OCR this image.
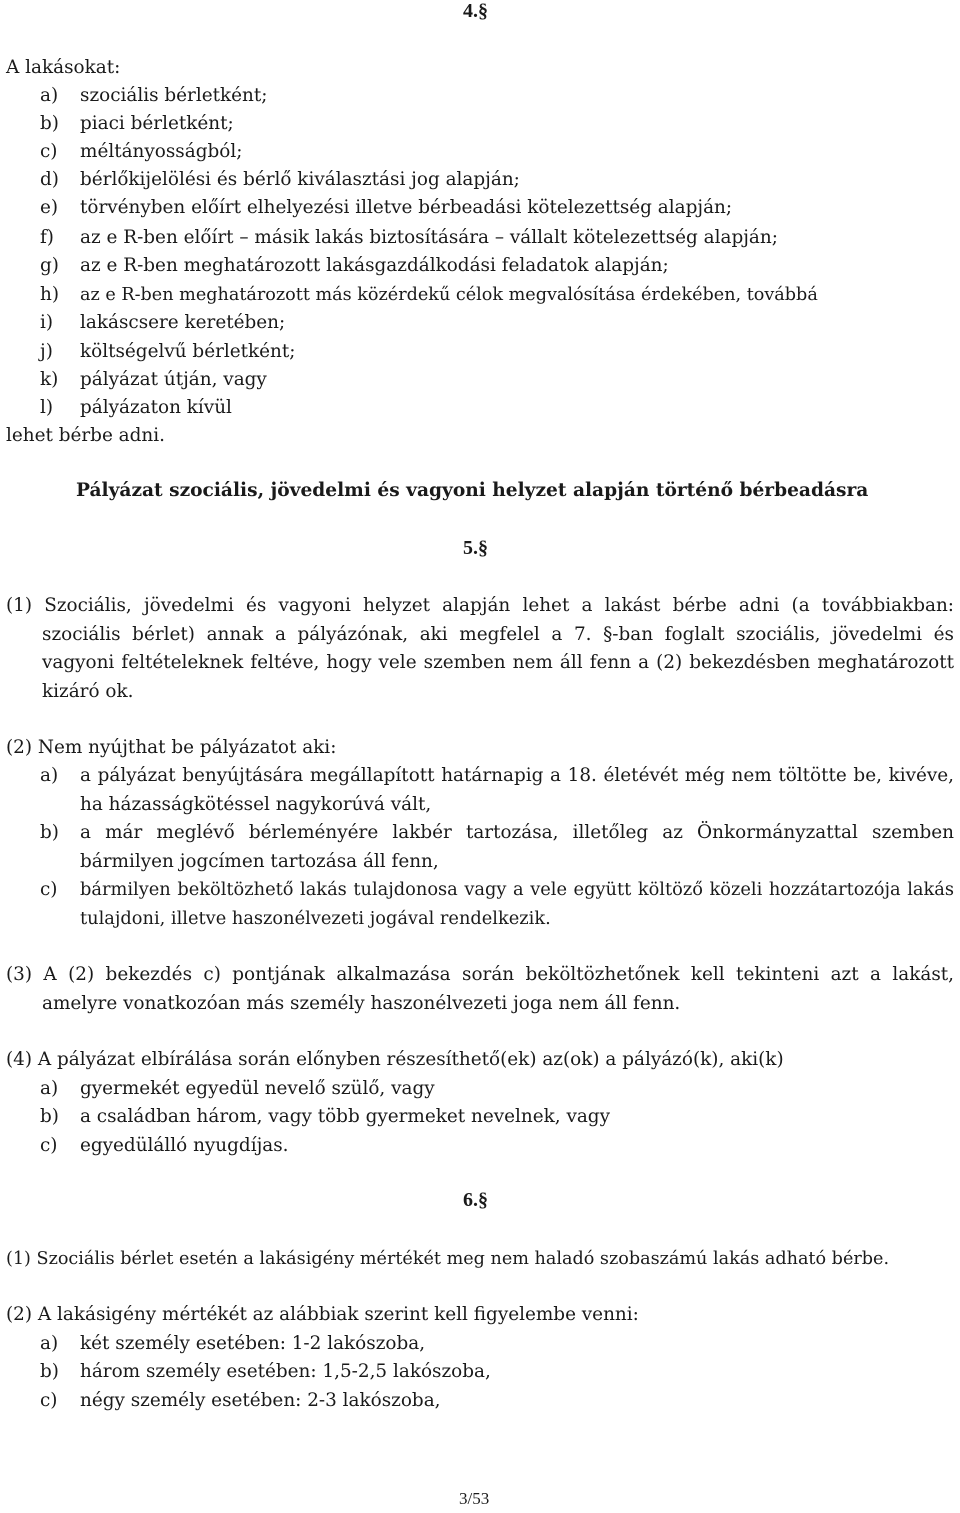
4.§
A lakásokat:
a) szociális bérletként;
b) piaci bérletként;
c) méltányosságból;
d) bérlőkijelölési és bérlő kiválasztási jog alapján;
e) törvényben előírt elhelyezési illetve bérbeadási kötelezettség alapján;
f) az e R-ben előírt – másik lakás biztosítására – vállalt kötelezettség alapján;
g) az e R-ben meghatározott lakásgazdálkodási feladatok alapján;
h) az e R-ben meghatározott más közérdekű célok megvalósítása érdekében, továbbá
i) lakáscsere keretében;
j) költségelvű bérletként;
k) pályázat útján, vagy
l) pályázaton kívül
lehet bérbe adni.
Pályázat szociális, jövedelmi és vagyoni helyzet alapján történő bérbeadásra
5.§
(1) Szociális, jövedelmi és vagyoni helyzet alapján lehet a lakást bérbe adni (a továbbiakban: szociális bérlet) annak a pályázónak, aki megfelel a 7. §-ban foglalt szociális, jövedelmi és vagyoni feltételeknek feltéve, hogy vele szemben nem áll fenn a (2) bekezdésben meghatározott kizáró ok.
(2) Nem nyújthat be pályázatot aki:
a) a pályázat benyújtására megállapított határnapig a 18. életévét még nem töltötte be, kivéve, ha házasságkötéssel nagykorúvá vált,
b) a már meglévő bérleményére lakbér tartozása, illetőleg az Önkormányzattal szemben bármilyen jogcímen tartozása áll fenn,
c) bármilyen beköltözhető lakás tulajdonosa vagy a vele együtt költöző közeli hozzátartozója lakás tulajdoni, illetve haszonélvezeti jogával rendelkezik.
(3) A (2) bekezdés c) pontjának alkalmazása során beköltözhetőnek kell tekinteni azt a lakást, amelyre vonatkozóan más személy haszonélvezeti joga nem áll fenn.
(4) A pályázat elbírálása során előnyben részesíthető(ek) az(ok) a pályázó(k), aki(k)
a) gyermekét egyedül nevelő szülő, vagy
b) a családban három, vagy több gyermeket nevelnek, vagy
c) egyedülálló nyugdíjas.
6.§
(1) Szociális bérlet esetén a lakásigény mértékét meg nem haladó szobaszámú lakás adható bérbe.
(2) A lakásigény mértékét az alábbiak szerint kell figyelembe venni:
a) két személy esetében: 1-2 lakószoba,
b) három személy esetében: 1,5-2,5 lakószoba,
c) négy személy esetében: 2-3 lakószoba,
3/53
